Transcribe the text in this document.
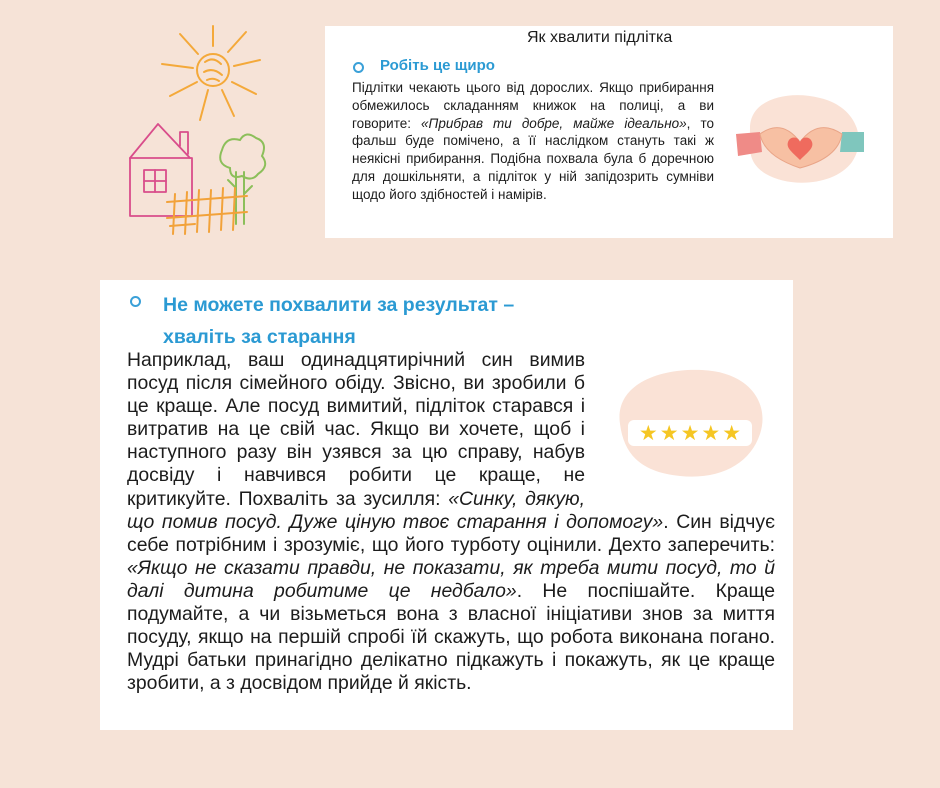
Як хвалити підлітка
Робіть це щиро

Підлітки чекають цього від дорослих. Якщо прибирання обмежилось складанням книжок на полиці, а ви говорите: «Прибрав ти добре, майже ідеально», то фальш буде помічено, а її наслідком стануть такі ж неякісні прибирання. Подібна похвала була б доречною для дошкільняти, а підліток у ній запідозрить сумніви щодо його здібностей і намірів.

Не можете похвалити за результат –
хваліть за старання

Наприклад, ваш одинадцятирічний син вимив посуд після сімейного обіду. Звісно, ви зробили б це краще. Але посуд вимитий, підліток старався і витратив на це свій час. Якщо ви хочете, щоб і наступного разу він узявся за цю справу, набув досвіду і навчився робити це краще, не критикуйте. Похваліть за зусилля: «Синку, дякую, що помив посуд. Дуже ціную твоє старання і допомогу». Син відчує себе потрібним і зрозуміє, що його турботу оцінили. Дехто заперечить: «Якщо не сказати правди, не показати, як треба мити посуд, то й далі дитина робитиме це недбало». Не поспішайте. Краще подумайте, а чи візьметься вона з власної ініціативи знов за миття посуду, якщо на першій спробі їй скажуть, що робота виконана погано. Мудрі батьки принагідно делікатно підкажуть і покажуть, як це краще зробити, а з досвідом прийде й якість.

★ ★ ★ ★ ★
